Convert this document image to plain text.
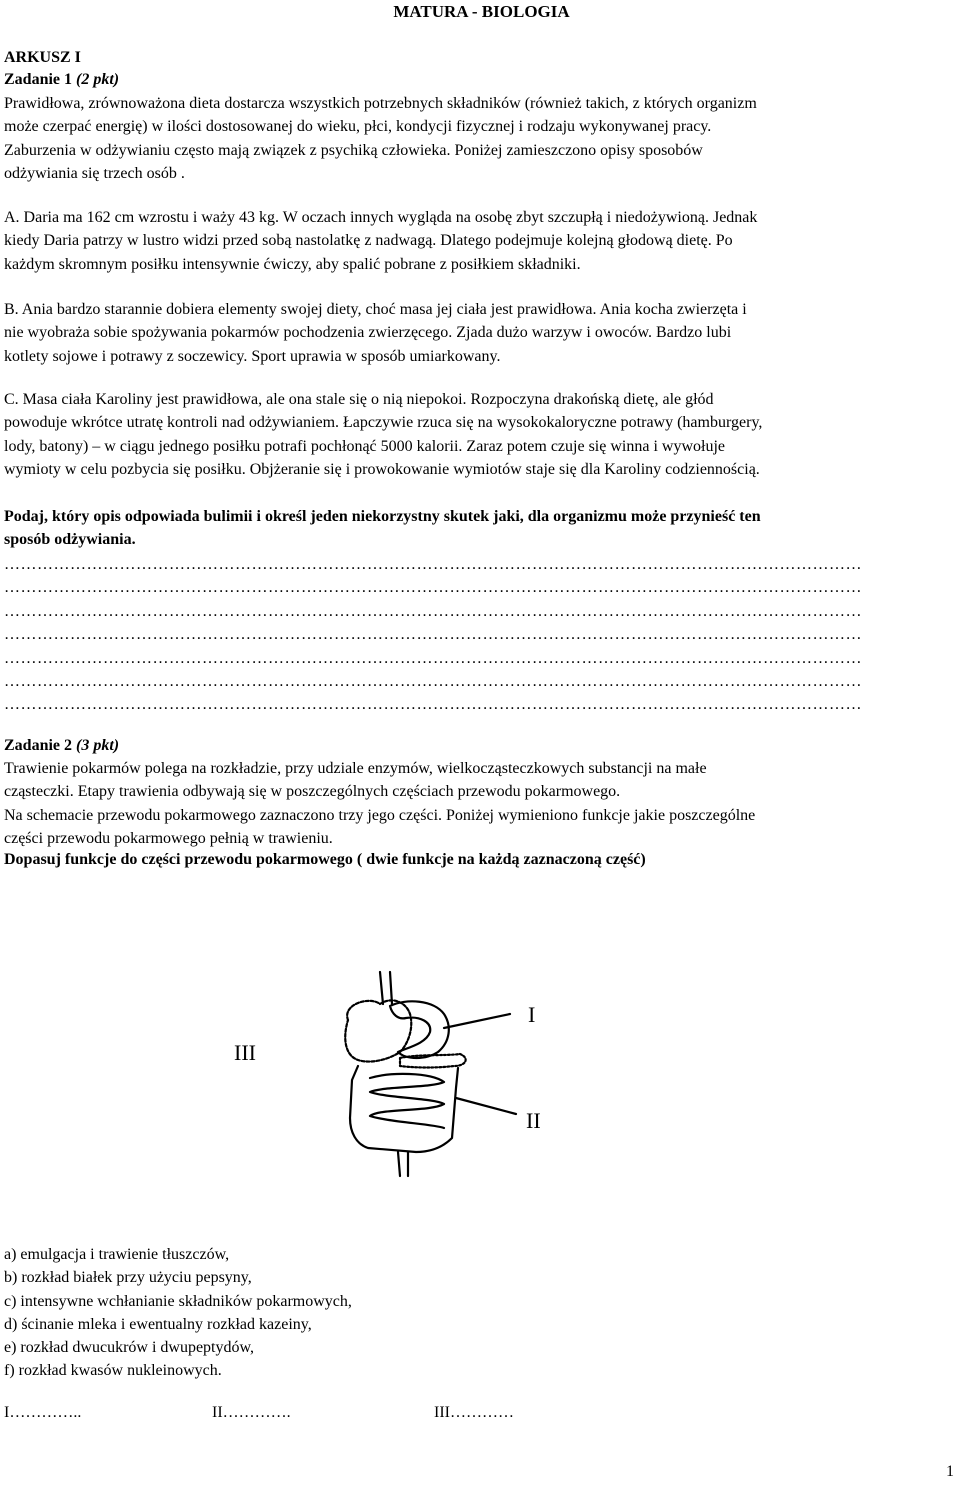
MATURA - BIOLOGIA
ARKUSZ I
Zadanie 1 (2 pkt)
Prawidłowa, zrównoważona dieta dostarcza wszystkich potrzebnych składników (również takich, z których organizm
może czerpać energię) w ilości dostosowanej do wieku, płci, kondycji fizycznej i rodzaju wykonywanej pracy.
Zaburzenia w odżywianiu często mają związek z psychiką człowieka. Poniżej zamieszczono opisy sposobów
odżywiania się trzech osób .
A. Daria ma 162 cm wzrostu i waży 43 kg. W oczach innych wygląda na osobę zbyt szczupłą i niedożywioną. Jednak
kiedy Daria patrzy w lustro widzi przed sobą nastolatkę z nadwagą. Dlatego podejmuje kolejną głodową dietę. Po
każdym skromnym posiłku intensywnie ćwiczy, aby spalić pobrane z posiłkiem składniki.
B. Ania bardzo starannie dobiera elementy swojej diety, choć masa jej ciała jest prawidłowa. Ania kocha zwierzęta i
nie wyobraża sobie spożywania pokarmów pochodzenia zwierzęcego. Zjada dużo warzyw i owoców. Bardzo lubi
kotlety sojowe i potrawy z soczewicy. Sport uprawia w sposób umiarkowany.
C. Masa ciała Karoliny jest prawidłowa, ale ona stale się o nią niepokoi. Rozpoczyna drakońską dietę, ale głód
powoduje wkrótce utratę kontroli nad odżywianiem. Łapczywie rzuca się na wysokokaloryczne potrawy (hamburgery,
lody, batony) – w ciągu jednego posiłku potrafi pochłonąć 5000 kalorii. Zaraz potem czuje się winna i wywołuje
wymioty w celu pozbycia się posiłku. Objżeranie się i prowokowanie wymiotów staje się dla Karoliny codziennością.
Podaj, który opis odpowiada bulimii i określ jeden niekorzystny skutek jaki, dla organizmu może przynieść ten
sposób odżywiania.
…………………………………………………………………………………………………………………………………………
…………………………………………………………………………………………………………………………………………
…………………………………………………………………………………………………………………………………………
…………………………………………………………………………………………………………………………………………
…………………………………………………………………………………………………………………………………………
…………………………………………………………………………………………………………………………………………
…………………………………………………………………………………………………………………………………………
Zadanie 2 (3 pkt)
Trawienie pokarmów polega na rozkładzie, przy udziale enzymów, wielkocząsteczkowych substancji na małe
cząsteczki. Etapy trawienia odbywają się w poszczególnych częściach przewodu pokarmowego.
Na schemacie przewodu pokarmowego zaznaczono trzy jego części. Poniżej wymieniono funkcje jakie poszczególne
części przewodu pokarmowego pełnią w trawieniu.
Dopasuj funkcje do części przewodu pokarmowego ( dwie funkcje na każdą zaznaczoną część)
I
II
III
a) emulgacja i trawienie tłuszczów,
b) rozkład białek przy użyciu pepsyny,
c) intensywne wchłanianie składników pokarmowych,
d) ścinanie mleka i ewentualny rozkład kazeiny,
e) rozkład dwucukrów i dwupeptydów,
f) rozkład kwasów nukleinowych.
I…………..	II………….	III…………
1
